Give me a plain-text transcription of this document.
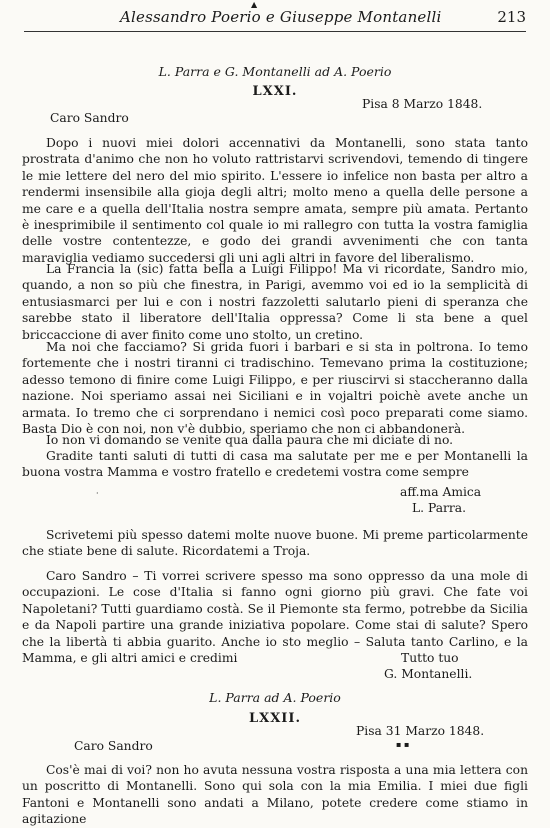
▲
Alessandro Poerio e Giuseppe Montanelli	213
L. Parra e G. Montanelli ad A. Poerio
LXXI.
Pisa 8 Marzo 1848.
Caro Sandro
Dopo i nuovi miei dolori accennativi da Montanelli, sono stata tanto prostrata d'animo che non ho voluto rattristarvi scrivendovi, temendo di tingere le mie lettere del nero del mio spirito. L'essere io infelice non basta per altro a rendermi insensibile alla gioja degli altri; molto meno a quella delle persone a me care e a quella dell'Italia nostra sempre amata, sempre più amata. Pertanto è inesprimibile il sentimento col quale io mi rallegro con tutta la vostra famiglia delle vostre contentezze, e godo dei grandi avvenimenti che con tanta maraviglia vediamo succedersi gli uni agli altri in favore del liberalismo.
La Francia la (sic) fatta bella a Luigi Filippo! Ma vi ricordate, Sandro mio, quando, a non so più che finestra, in Parigi, avemmo voi ed io la semplicità di entusiasmarci per lui e con i nostri fazzoletti salutarlo pieni di speranza che sarebbe stato il liberatore dell'Italia oppressa? Come li sta bene a quel briccaccione di aver finito come uno stolto, un cretino.
Ma noi che facciamo? Si grida fuori i barbari e si sta in poltrona. Io temo fortemente che i nostri tiranni ci tradischino. Temevano prima la costituzione; adesso temono di finire come Luigi Filippo, e per riuscirvi si staccheranno dalla nazione. Noi speriamo assai nei Siciliani e in vojaltri poichè avete anche un armata. Io tremo che ci sorprendano i nemici così poco preparati come siamo. Basta Dio è con noi, non v'è dubbio, speriamo che non ci abbandonerà.
Io non vi domando se venite qua dalla paura che mi diciate di no.
Gradite tanti saluti di tutti di casa ma salutate per me e per Montanelli la buona vostra Mamma e vostro fratello e credetemi vostra come sempre
aff.ma Amica
L. Parra.
·
Scrivetemi più spesso datemi molte nuove buone. Mi preme particolarmente che stiate bene di salute. Ricordatemi a Troja.
Caro Sandro – Ti vorrei scrivere spesso ma sono oppresso da una mole di occupazioni. Le cose d'Italia si fanno ogni giorno più gravi. Che fate voi Napoletani? Tutti guardiamo costà. Se il Piemonte sta fermo, potrebbe da Sicilia e da Napoli partire una grande iniziativa popolare. Come stai di salute? Spero che la libertà ti abbia guarito. Anche io sto meglio – Saluta tanto Carlino, e la Mamma, e gli altri amici e credimi	Tutto tuo
G. Montanelli.
L. Parra ad A. Poerio
LXXII.
Pisa 31 Marzo 1848.
Caro Sandro	▪ ▪
Cos'è mai di voi? non ho avuta nessuna vostra risposta a una mia lettera con un poscritto di Montanelli. Sono qui sola con la mia Emilia. I miei due figli Fantoni e Montanelli sono andati a Milano, potete credere come stiamo in agitazione
